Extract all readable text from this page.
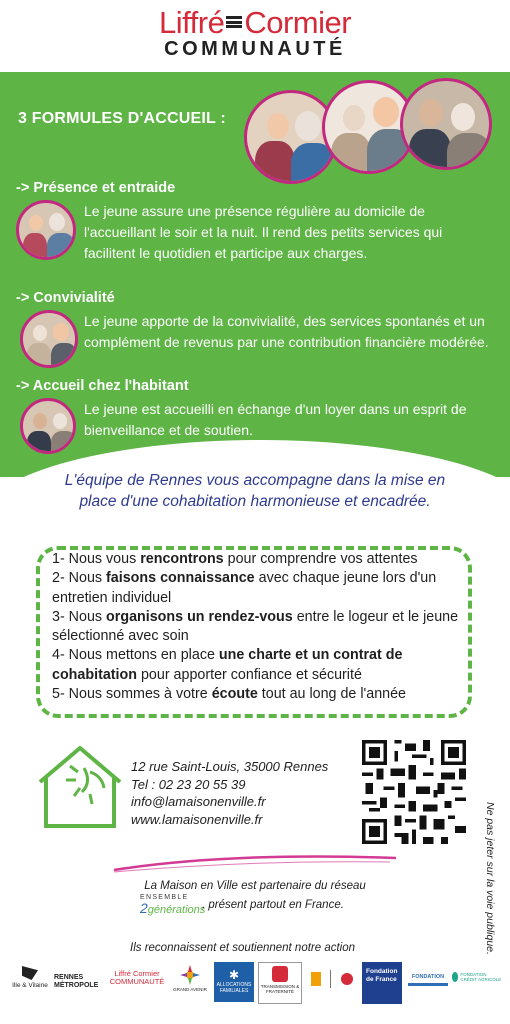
Liffré Cormier
COMMUNAUTÉ
3 FORMULES D'ACCUEIL :
-> Présence et entraide
Le jeune assure une présence régulière au domicile de l'accueillant le soir et la nuit. Il rend des petits services qui facilitent le quotidien et participe aux charges.
-> Convivialité
Le jeune apporte de la convivialité, des services spontanés et un complément de revenus par une contribution financière modérée.
-> Accueil chez l'habitant
Le jeune est accueilli en échange d'un loyer dans un esprit de bienveillance et de soutien.
L'équipe de Rennes vous accompagne dans la mise en place d'une cohabitation harmonieuse et encadrée.
1- Nous vous rencontrons pour comprendre vos attentes
2- Nous faisons connaissance avec chaque jeune lors d'un entretien individuel
3- Nous organisons un rendez-vous entre le logeur et le jeune sélectionné avec soin
4- Nous mettons en place une charte et un contrat de cohabitation pour apporter confiance et sécurité
5- Nous sommes à votre écoute tout au long de l'année
12 rue Saint-Louis, 35000 Rennes
Tel : 02 23 20 55 39
info@lamaisonenville.fr
www.lamaisonenville.fr	Ne pas jeter sur la voie publique.
La Maison en Ville est partenaire du réseau
ENSEMBLE
2générations
, présent partout en France.
Ils reconnaissent et soutiennent notre action
Ille & Vilaine
RENNES MÉTROPOLE
Liffré Cormier COMMUNAUTÉ
GRAND AVENIR
✱
ALLOCATIONS FAMILIALES
TRANSMISSION & FRATERNITÉ
Fondation de France	FONDATION	FONDATION CRÉDIT AGRICOLE
